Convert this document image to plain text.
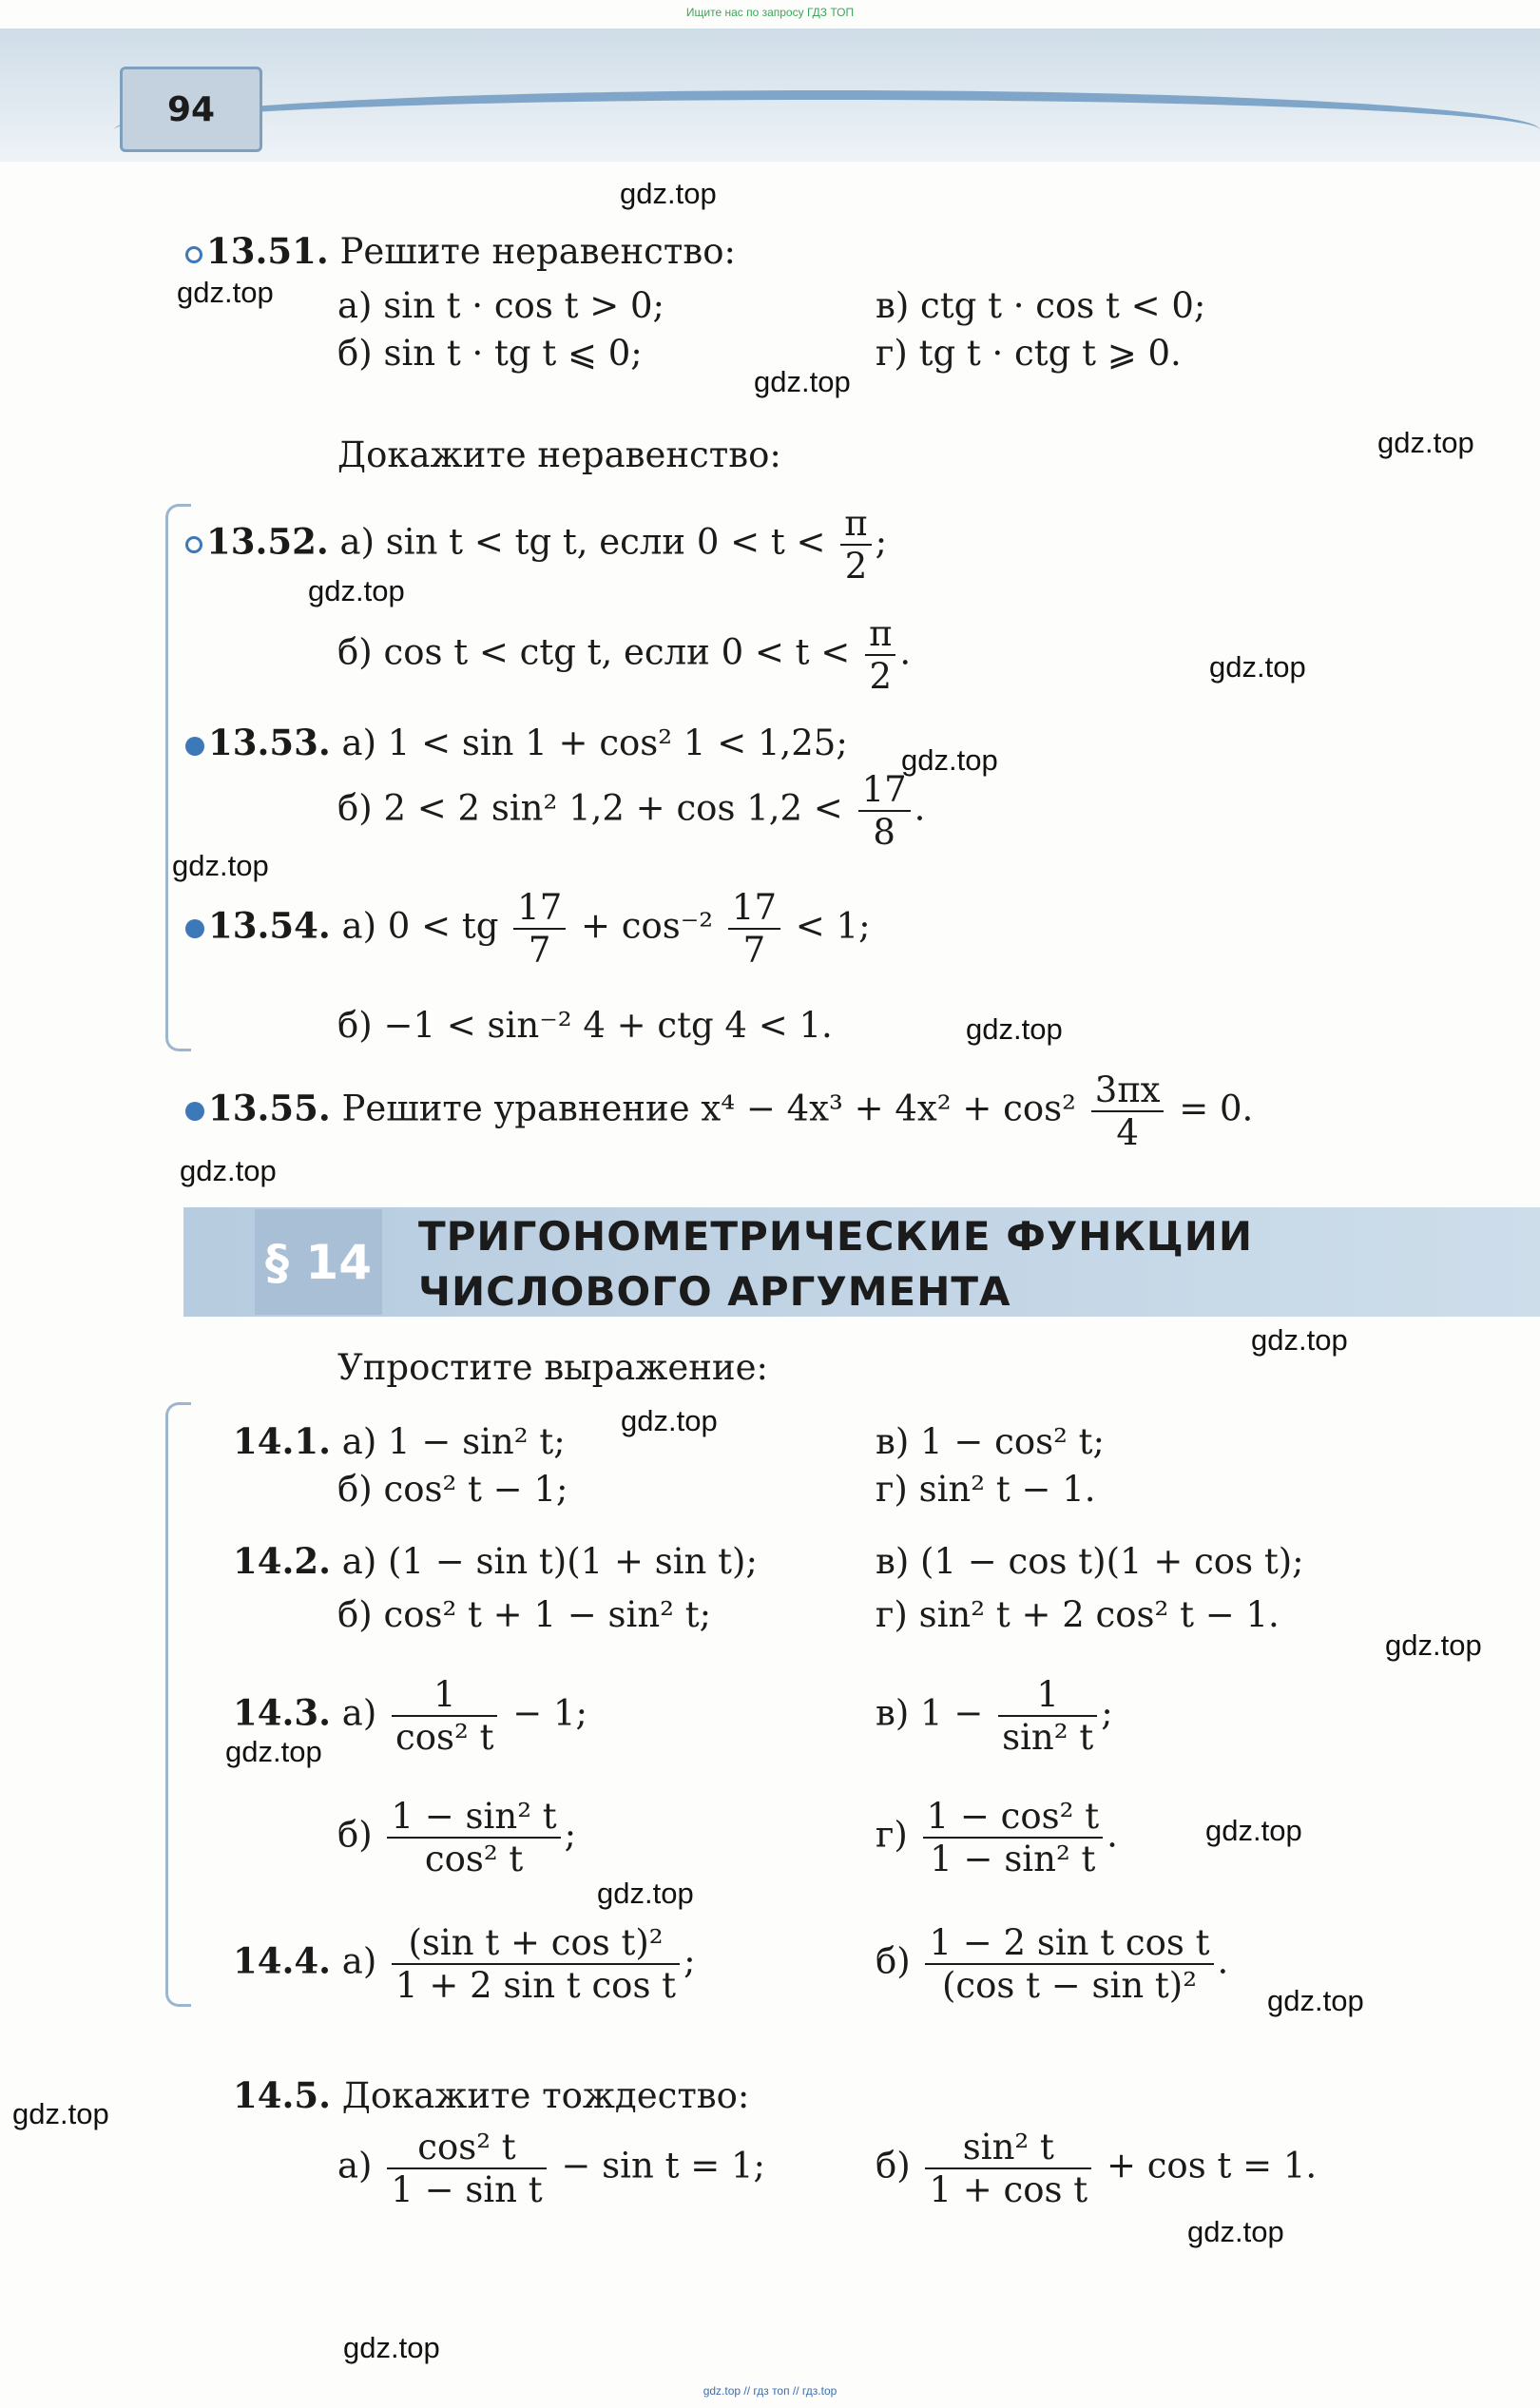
Ищите нас по запросу ГДЗ ТОП
gdz.top // гдз топ // гдз.top
94
gdz.top
gdz.top
gdz.top
gdz.top
gdz.top
gdz.top
gdz.top
gdz.top
gdz.top
gdz.top
gdz.top
gdz.top
gdz.top
gdz.top
gdz.top
gdz.top
gdz.top
gdz.top
gdz.top
gdz.top
13.51. Решите неравенство:
а) sin t · cos t > 0;	в) ctg t · cos t < 0;
б) sin t · tg t ⩽ 0;	г) tg t · ctg t ⩾ 0.
Докажите неравенство:
13.52. а) sin t < tg t, если $0 < t < \frac{\pi}{2}$ ;
б) cos t < ctg t, если $0 < t < \frac{\pi}{2}$ .
13.53. а) 1 < sin 1 + cos² 1 < 1,25;
б) 2 < 2 sin² $1,2 + \cos 1,2 < \frac{17}{8}$ .
13.54. а) 0 < tg $\frac{17}{7} + \cos^{-2} \frac{17}{7} < 1$;
б) −1 < sin⁻² 4 + ctg 4 < 1.
13.55. Решите уравнение $x^4 - 4x^3 + 4x^2 + \cos^2 \frac{3\pi x}{4} = 0$.
§ 14 ТРИГОНОМЕТРИЧЕСКИЕ ФУНКЦИИ
ЧИСЛОВОГО АРГУМЕНТА
Упростите выражение:
14.1. а) 1 − sin² t;	в) 1 − cos² t;
б) cos² t − 1;	г) sin² t − 1.
14.2. а) (1 − sin t)(1 + sin t);	в) (1 − cos t)(1 + cos t);
б) cos² t + 1 − sin² t;	г) sin² t + 2 cos² t − 1.
14.3. $а) \frac{1}{\text{cos² t}} - 1$;	в) $1 - \frac{1}{\text{sin² t}}$ ;
$б) \frac{\text{1 − sin² t}}{\text{cos² t}}$ ;	$г) \frac{\text{1 − cos² t}}{\text{1 − sin² t}}$ .
14.4. $а) \frac{\text{(sin t + cos t)²}}{\text{1 + 2 sin t cos t}}$ ;	$б) \frac{\text{1 − 2 sin t cos t}}{\text{(cos t − sin t)²}}$ .
14.5. Докажите тождество:
$а) \frac{\text{cos² t}}{\text{1 − sin t}} - \sin t = 1$;	$б) \frac{\text{sin² t}}{\text{1 + cos t}} + \cos t = 1$.
